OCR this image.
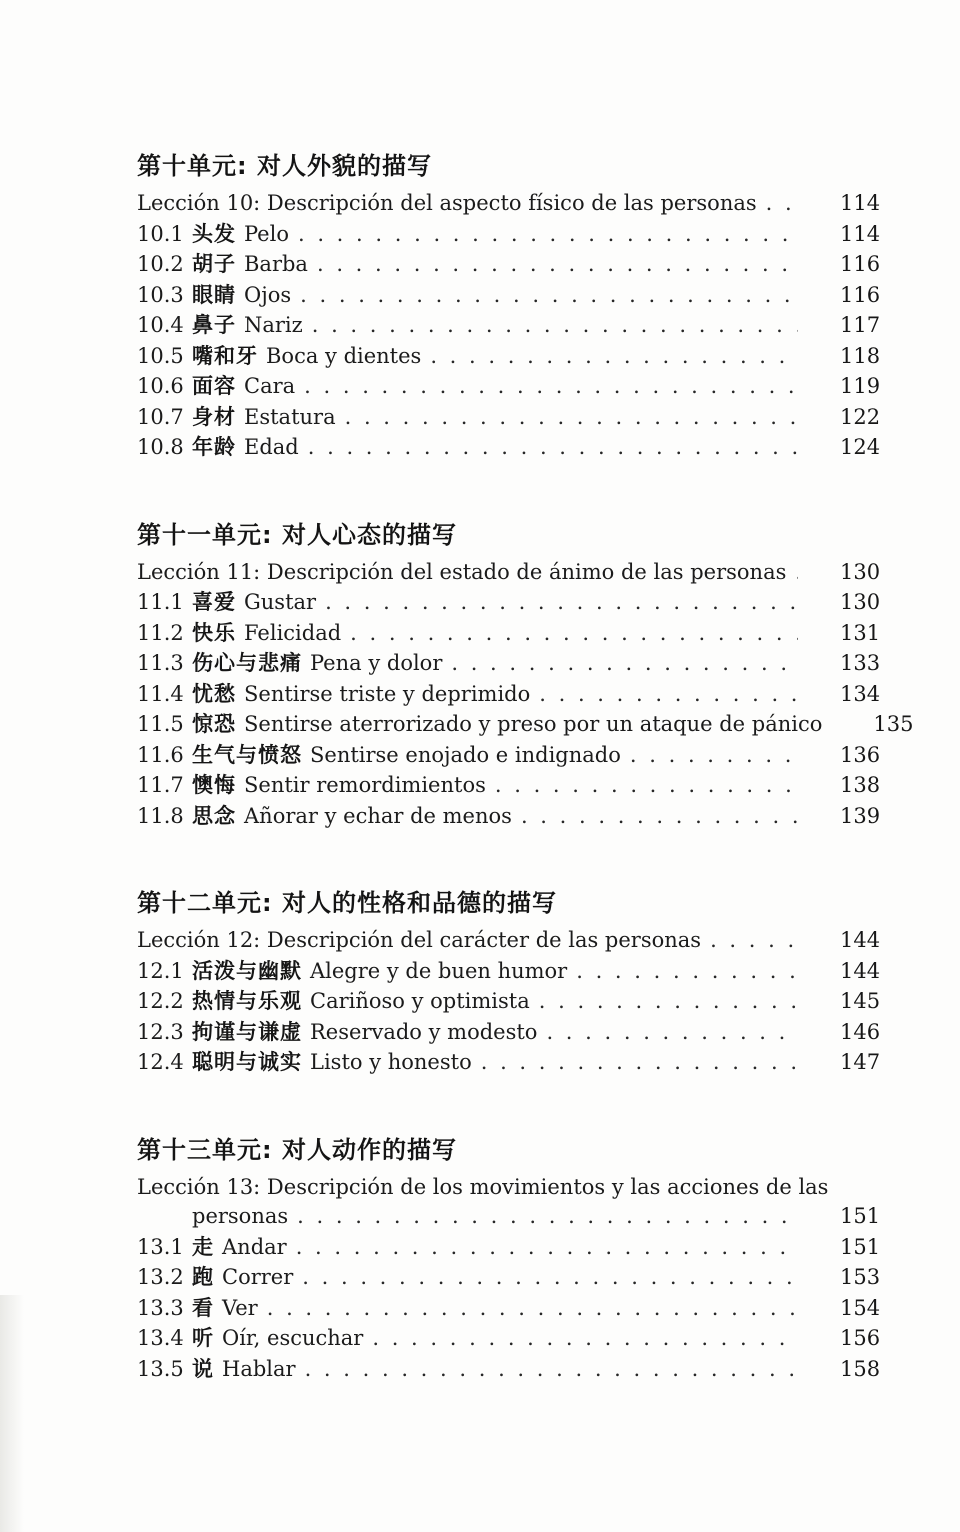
第十单元: 对人外貌的描写
Lección 10: Descripción del aspecto físico de las personas . . .	114
10.1 头发 Pelo . . .	114
10.2 胡子 Barba . . .	116
10.3 眼睛 Ojos . . .	116
10.4 鼻子 Nariz . . .	117
10.5 嘴和牙 Boca y dientes . . .	118
10.6 面容 Cara . . .	119
10.7 身材 Estatura . . .	122
10.8 年龄 Edad . . .	124
第十一单元: 对人心态的描写
Lección 11: Descripción del estado de ánimo de las personas . . .	130
11.1 喜爱 Gustar . . .	130
11.2 快乐 Felicidad . . .	131
11.3 伤心与悲痛 Pena y dolor . . .	133
11.4 忧愁 Sentirse triste y deprimido . . .	134
11.5 惊恐 Sentirse aterrorizado y preso por un ataque de pánico 135
11.6 生气与愤怒 Sentirse enojado e indignado . . .	136
11.7 懊悔 Sentir remordimientos . . .	138
11.8 思念 Añorar y echar de menos . . .	139
第十二单元: 对人的性格和品德的描写
Lección 12: Descripción del carácter de las personas . . .	144
12.1 活泼与幽默 Alegre y de buen humor . . .	144
12.2 热情与乐观 Cariñoso y optimista . . .	145
12.3 拘谨与谦虚 Reservado y modesto . . .	146
12.4 聪明与诚实 Listo y honesto . . .	147
第十三单元: 对人动作的描写
Lección 13: Descripción de los movimientos y las acciones de las
personas . . .	151
13.1 走 Andar . . .	151
13.2 跑 Correr . . .	153
13.3 看 Ver . . .	154
13.4 听 Oír, escuchar . . .	156
13.5 说 Hablar . . .	158
